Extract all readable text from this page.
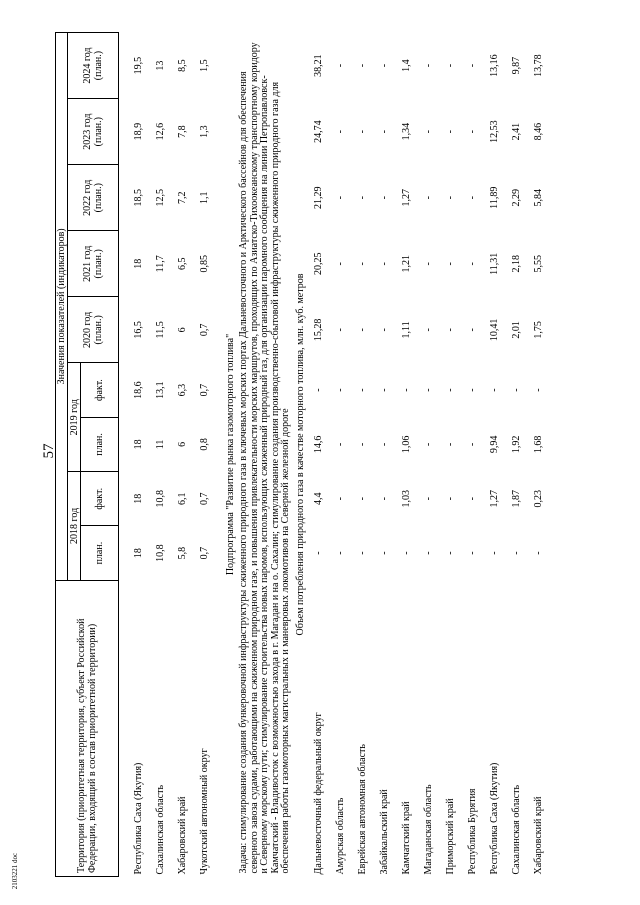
57
2103221 doc	Территория (приоритетная территория, субъект Российской Федерации, входящий в состав приоритетной территории)	Значения показателей (индикаторов)								
	2018 год		2019 год		2020 год (план.)	2021 год (план.)	2022 год (план.)	2023 год (план.)	2024 год (план.)
	план.	факт.	план.	факт.					

Республика Саха (Якутия)	18	18	18	18,6	16,5	18	18,5	18,9	19,5
Сахалинская область	10,8	10,8	11	13,1	11,5	11,7	12,5	12,6	13
Хабаровский край	5,8	6,1	6	6,3	6	6,5	7,2	7,8	8,5
Чукотский автономный округ	0,7	0,7	0,8	0,7	0,7	0,85	1,1	1,3	1,5

Подпрограмма "Развитие рынка газомоторного топлива"									
Задача: стимулирование создания бункеровочной инфраструктуры сжиженного природного газа в ключевых морских портах Дальневосточного и Арктического бассейнов для обеспечения северного завоза судами, работающими на сжиженном природном газе, и повышения привлекательности морских маршрутов, проходящих по Азиатско-Тихоокеанскому транспортному коридору и Северному морскому пути; стимулирование строительства новых паромов, использующих сжиженный природный газ, для организации паромного сообщения на линии Петропавловск-Камчатский - Владивосток с возможностью захода в г. Магадан и на о. Сахалин; стимулирование создания производственно-сбытовой инфраструктуры сжиженного природного газа для обеспечения работы газомоторных магистральных и маневровых локомотивов на Северной железной дороге									
Объем потребления природного газа в качестве моторного топлива, млн. куб. метров									
Дальневосточный федеральный округ	-	4,4	14,6	-	15,28	20,25	21,29	24,74	38,21
Амурская область	-	-	-	-	-	-	-	-	-
Еврейская автономная область	-	-	-	-	-	-	-	-	-
Забайкальский край	-	-	-	-	-	-	-	-	-
Камчатский край	-	1,03	1,06	-	1,11	1,21	1,27	1,34	1,4
Магаданская область	-	-	-	-	-	-	-	-	-
Приморский край	-	-	-	-	-	-	-	-	-
Республика Бурятия	-	-	-	-	-	-	-	-	-
Республика Саха (Якутия)	-	1,27	9,94	-	10,41	11,31	11,89	12,53	13,16
Сахалинская область	-	1,87	1,92	-	2,01	2,18	2,29	2,41	9,87
Хабаровский край	-	0,23	1,68	-	1,75	5,55	5,84	8,46	13,78
